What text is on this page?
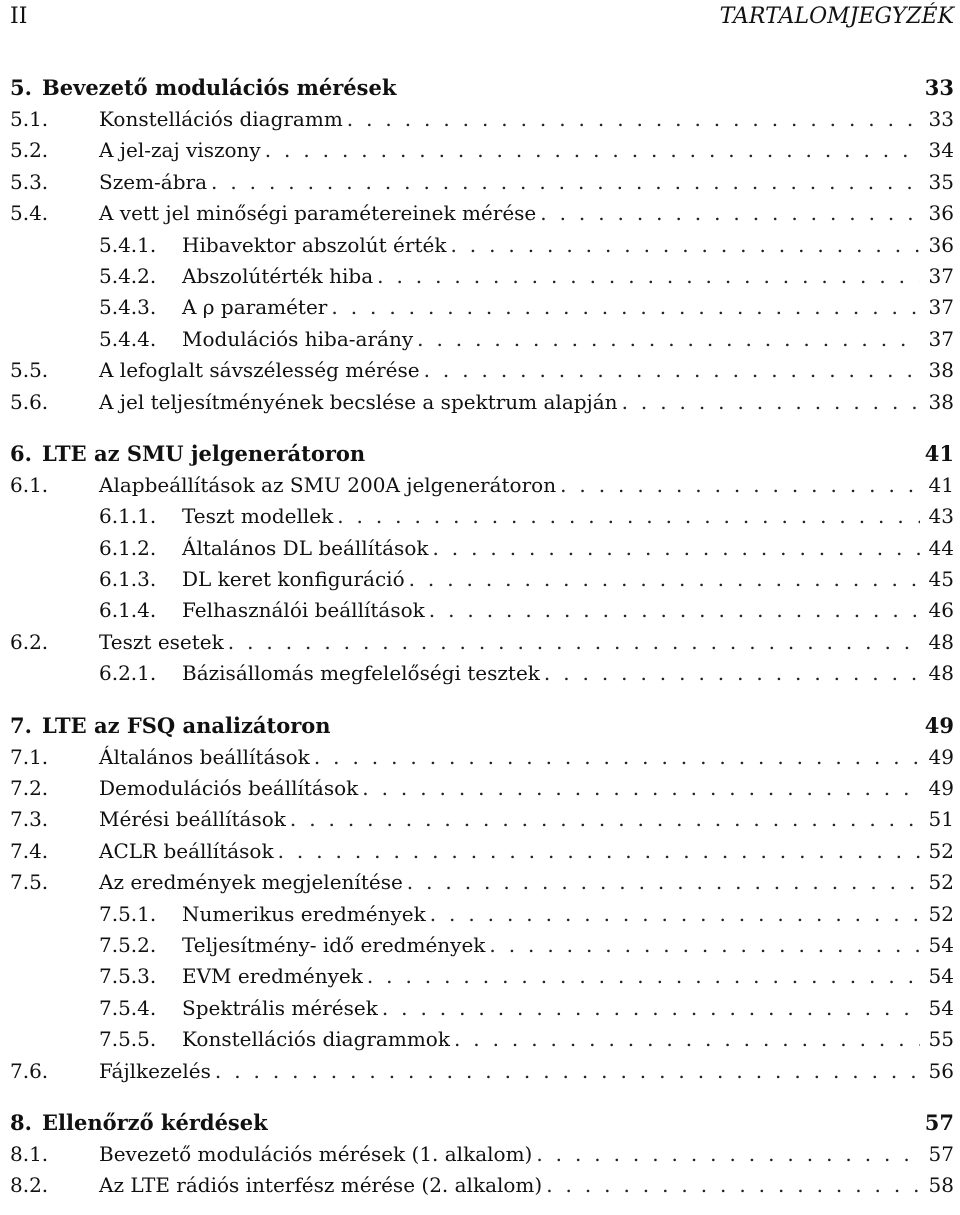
II	TARTALOMJEGYZÉK
5. Bevezető modulációs mérések	33
5.1.	Konstellációs diagramm . . .	33
5.2.	A jel-zaj viszony . . .	34
5.3.	Szem-ábra . . .	35
5.4.	A vett jel minőségi paramétereinek mérése . . .	36
5.4.1.	Hibavektor abszolút érték . . .	36
5.4.2.	Abszolútérték hiba . . .	37
5.4.3.	A ρ paraméter . . .	37
5.4.4.	Modulációs hiba-arány . . .	37
5.5.	A lefoglalt sávszélesség mérése . . .	38
5.6.	A jel teljesítményének becslése a spektrum alapján . . .	38
6. LTE az SMU jelgenerátoron	41
6.1.	Alapbeállítások az SMU 200A jelgenerátoron . . .	41
6.1.1.	Teszt modellek . . .	43
6.1.2.	Általános DL beállítások . . .	44
6.1.3.	DL keret konfiguráció . . .	45
6.1.4.	Felhasználói beállítások . . .	46
6.2.	Teszt esetek . . .	48
6.2.1.	Bázisállomás megfelelőségi tesztek . . .	48
7. LTE az FSQ analizátoron	49
7.1.	Általános beállítások . . .	49
7.2.	Demodulációs beállítások . . .	49
7.3.	Mérési beállítások . . .	51
7.4.	ACLR beállítások . . .	52
7.5.	Az eredmények megjelenítése . . .	52
7.5.1.	Numerikus eredmények . . .	52
7.5.2.	Teljesítmény- idő eredmények . . .	54
7.5.3.	EVM eredmények . . .	54
7.5.4.	Spektrális mérések . . .	54
7.5.5.	Konstellációs diagrammok . . .	55
7.6.	Fájlkezelés . . .	56
8. Ellenőrző kérdések	57
8.1.	Bevezető modulációs mérések (1. alkalom) . . .	57
8.2.	Az LTE rádiós interfész mérése (2. alkalom) . . .	58
